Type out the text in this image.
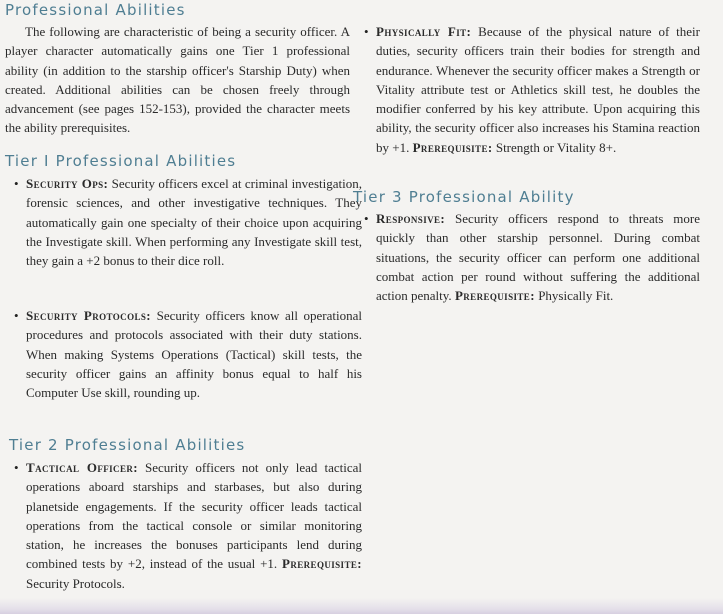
Professional Abilities

The following are characteristic of being a security officer. A player character automatically gains one Tier 1 professional ability (in addition to the starship officer's Starship Duty) when created. Additional abilities can be chosen freely through advancement (see pages 152-153), provided the character meets the ability prerequisites.

Tier I Professional Abilities
• Security Ops: Security officers excel at criminal investigation, forensic sciences, and other investigative techniques. They automatically gain one specialty of their choice upon acquiring the Investigate skill. When performing any Investigate skill test, they gain a +2 bonus to their dice roll.
• Security Protocols: Security officers know all operational procedures and protocols associated with their duty stations. When making Systems Operations (Tactical) skill tests, the security officer gains an affinity bonus equal to half his Computer Use skill, rounding up.
Tier 2 Professional Abilities
• Tactical Officer: Security officers not only lead tactical operations aboard starships and starbases, but also during planetside engagements. If the security officer leads tactical operations from the tactical console or similar monitoring station, he increases the bonuses participants lend during combined tests by +2, instead of the usual +1. Prerequisite: Security Protocols.
• Physically Fit: Because of the physical nature of their duties, security officers train their bodies for strength and endurance. Whenever the security officer makes a Strength or Vitality attribute test or Athletics skill test, he doubles the modifier conferred by his key attribute. Upon acquiring this ability, the security officer also increases his Stamina reaction by +1. Prerequisite: Strength or Vitality 8+.
Tier 3 Professional Ability
• Responsive: Security officers respond to threats more quickly than other starship personnel. During combat situations, the security officer can perform one additional combat action per round without suffering the additional action penalty. Prerequisite: Physically Fit.
